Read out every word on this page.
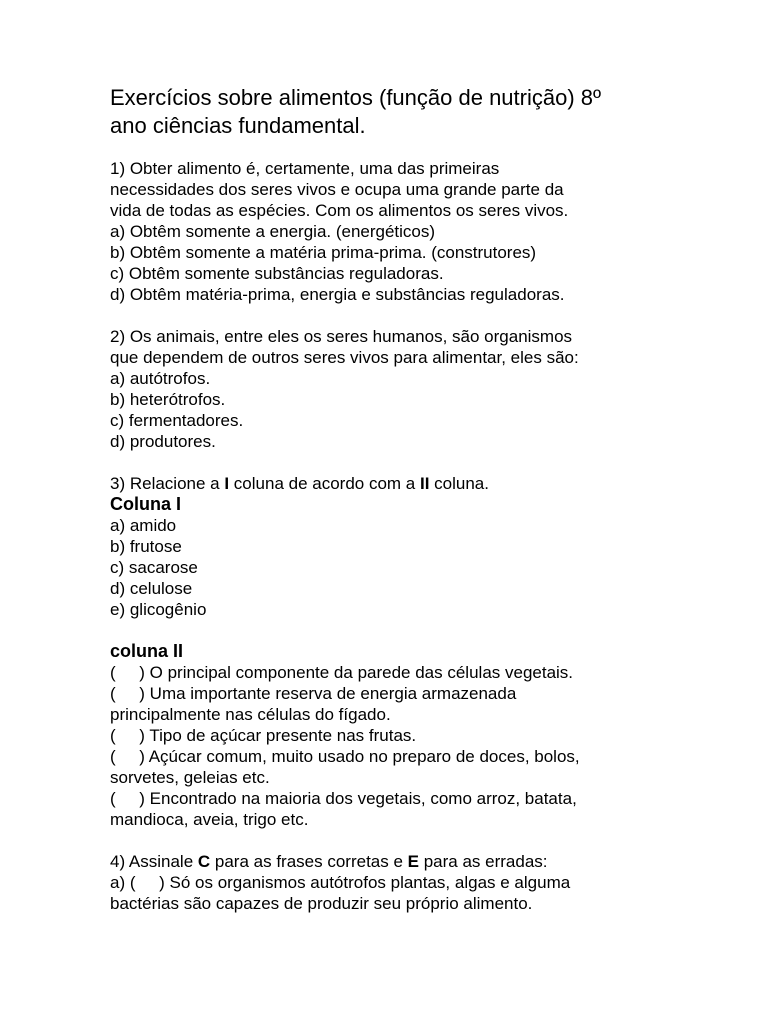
Exercícios sobre alimentos (função de nutrição) 8º
ano ciências fundamental.
1) Obter alimento é, certamente, uma das primeiras
necessidades dos seres vivos e ocupa uma grande parte da
vida de todas as espécies. Com os alimentos os seres vivos.
a) Obtêm somente a energia. (energéticos)
b) Obtêm somente a matéria prima-prima. (construtores)
c) Obtêm somente substâncias reguladoras.
d) Obtêm matéria-prima, energia e substâncias reguladoras.
2) Os animais, entre eles os seres humanos, são organismos
que dependem de outros seres vivos para alimentar, eles são:
a) autótrofos.
b) heterótrofos.
c) fermentadores.
d) produtores.
3) Relacione a I coluna de acordo com a II coluna.
Coluna I
a) amido
b) frutose
c) sacarose
d) celulose
e) glicogênio
coluna II
(     ) O principal componente da parede das células vegetais.
(     ) Uma importante reserva de energia armazenada
principalmente nas células do fígado.
(     ) Tipo de açúcar presente nas frutas.
(     ) Açúcar comum, muito usado no preparo de doces, bolos,
sorvetes, geleias etc.
(     ) Encontrado na maioria dos vegetais, como arroz, batata,
mandioca, aveia, trigo etc.
4) Assinale C para as frases corretas e E para as erradas:
a) (     ) Só os organismos autótrofos plantas, algas e alguma
bactérias são capazes de produzir seu próprio alimento.
